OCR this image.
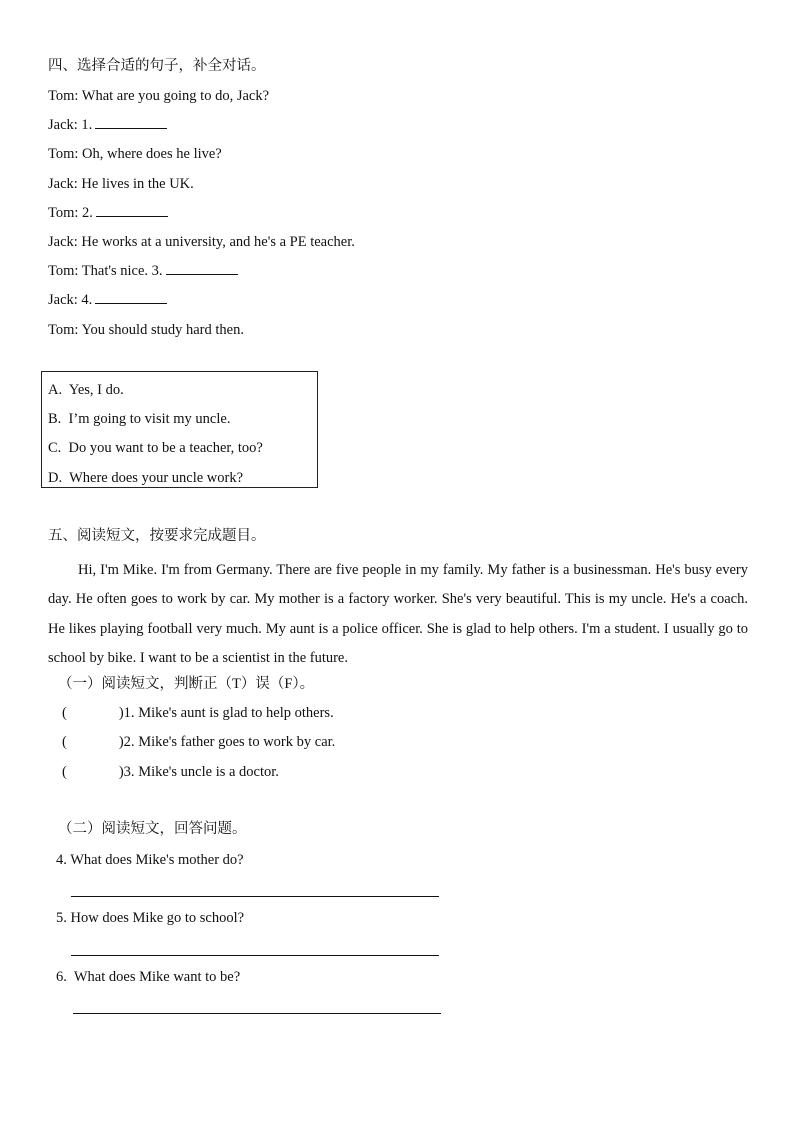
四、选择合适的句子，补全对话。
Tom: What are you going to do, Jack?
Jack: 1.
Tom: Oh, where does he live?
Jack: He lives in the UK.
Tom: 2.
Jack: He works at a university, and he's a PE teacher.
Tom: That's nice. 3.
Jack: 4.
Tom: You should study hard then.
A. Yes, I do.
B. I’m going to visit my uncle.
C. Do you want to be a teacher, too?
D. Where does your uncle work?
五、阅读短文，按要求完成题目。
Hi, I'm Mike. I'm from Germany. There are five people in my family. My father is a businessman. He's busy every day. He often goes to work by car. My mother is a factory worker. She's very beautiful. This is my uncle. He's a coach. He likes playing football very much. My aunt is a police officer. She is glad to help others. I'm a student. I usually go to school by bike. I want to be a scientist in the future.
（一）阅读短文，判断正（T）误（F）。
(	)1. Mike's aunt is glad to help others.
(	)2. Mike's father goes to work by car.
(	)3. Mike's uncle is a doctor.
（二）阅读短文，回答问题。
4. What does Mike's mother do?
5. How does Mike go to school?
6. What does Mike want to be?
